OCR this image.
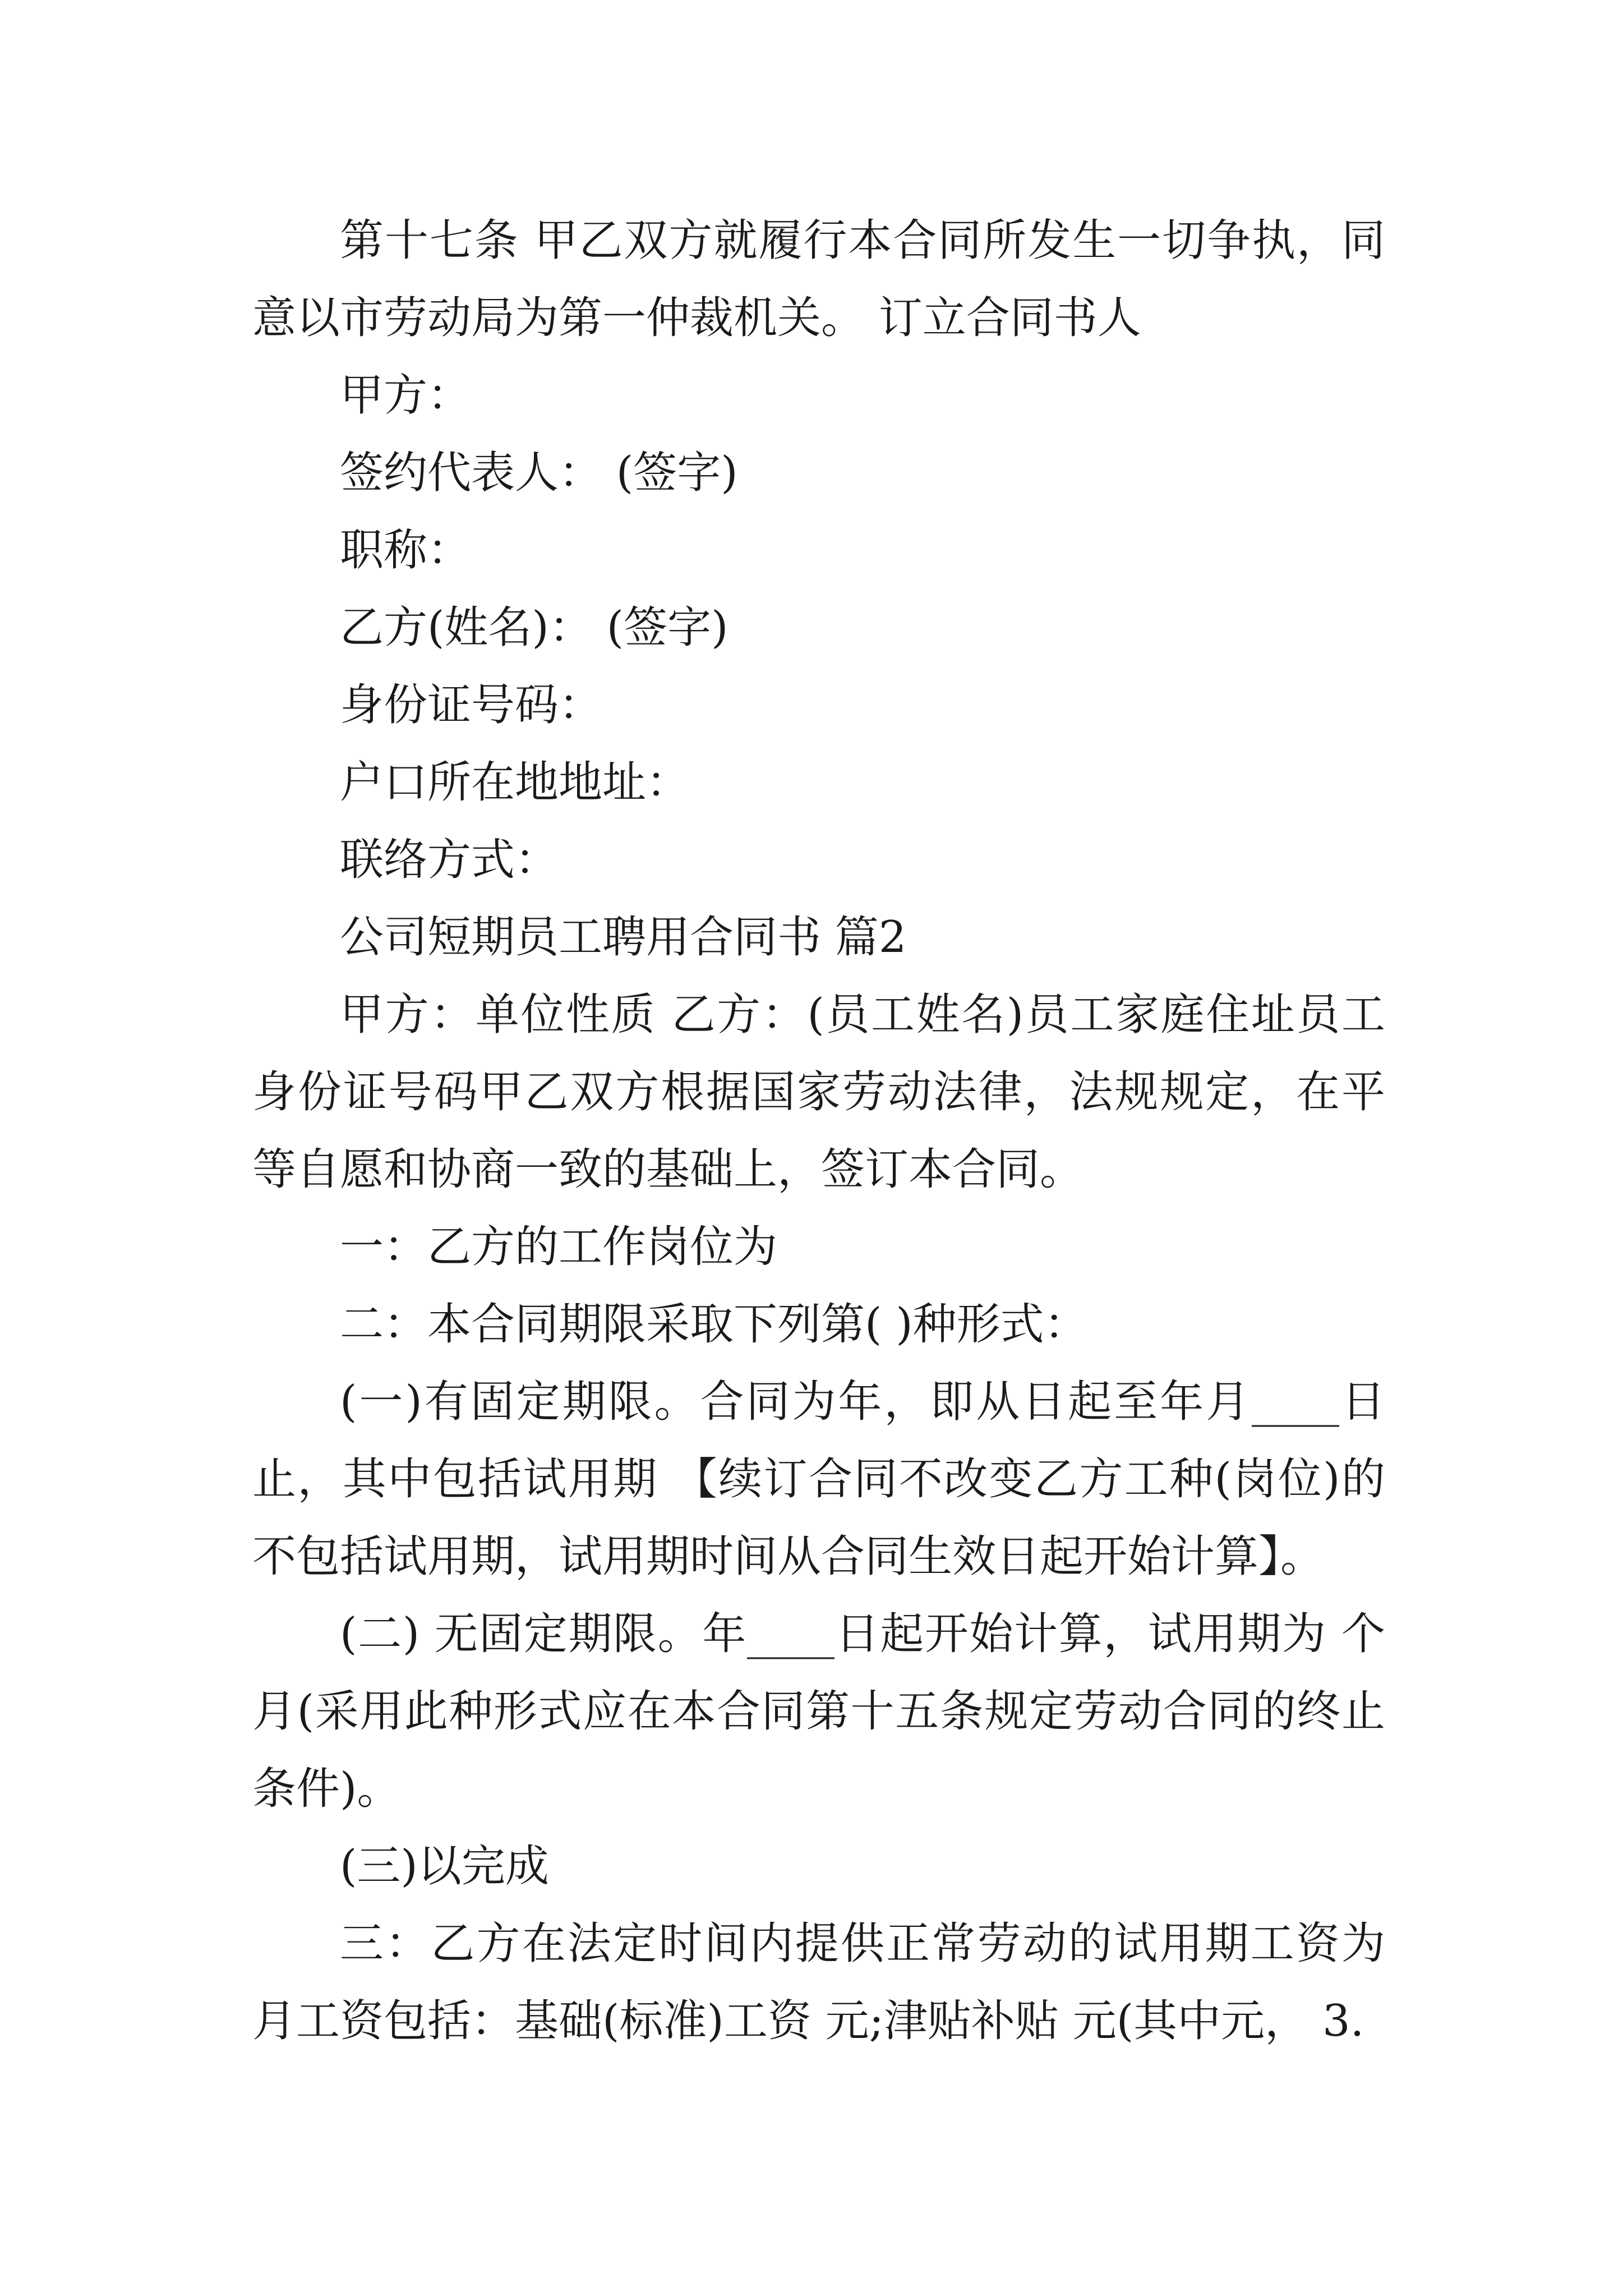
第十七条 甲乙双方就履行本合同所发生一切争执，同意以市劳动局为第一仲裁机关。 订立合同书人

甲方：

签约代表人： (签字)

职称：

乙方(姓名)： (签字)

身份证号码：

户口所在地地址：

联络方式：

公司短期员工聘用合同书 篇2

甲方：单位性质 乙方：(员工姓名)员工家庭住址员工身份证号码甲乙双方根据国家劳动法律，法规规定，在平等自愿和协商一致的基础上，签订本合同。

一：乙方的工作岗位为

二：本合同期限采取下列第( )种形式：

(一)有固定期限。合同为年，即从日起至年月____日止，其中包括试用期 【续订合同不改变乙方工种(岗位)的不包括试用期，试用期时间从合同生效日起开始计算】。

(二) 无固定期限。年____日起开始计算，试用期为 个月(采用此种形式应在本合同第十五条规定劳动合同的终止条件)。

(三)以完成

三：乙方在法定时间内提供正常劳动的试用期工资为月工资包括：基础(标准)工资 元;津贴补贴 元(其中元， 3.
